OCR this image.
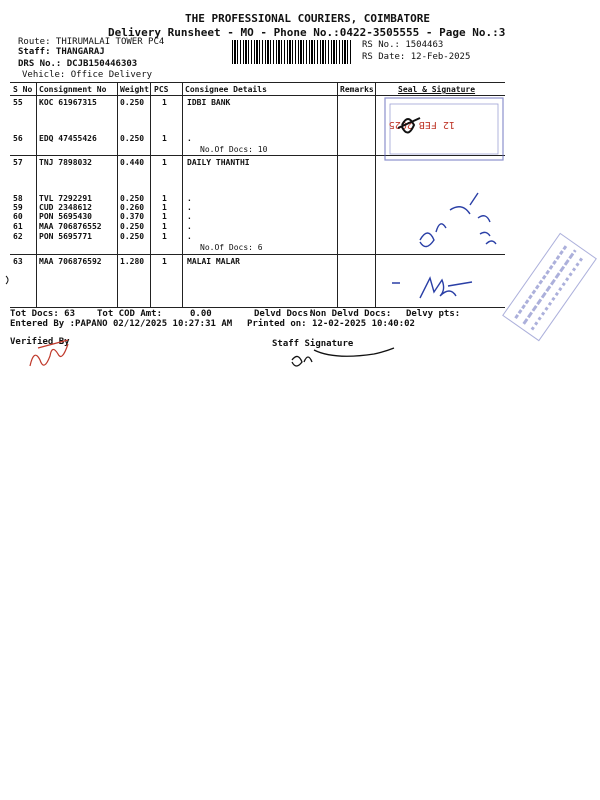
THE PROFESSIONAL COURIERS, COIMBATORE
Delivery Runsheet - MO - Phone No.:0422-3505555 - Page No.:3
Route: THIRUMALAI TOWER PC4
Staff: THANGARAJ
DRS No.: DCJB150446303
Vehicle: Office Delivery
RS No.: 1504463
RS Date: 12-Feb-2025
S No Consignment No Weight PCS Consignee Details	Remarks	Seal & Signature
55 KOC 61967315	0.250 1	IDBI BANK
56 EDQ 47455426	0.250 1	.
No.Of Docs: 10
57 TNJ 7898032	0.440 1	DAILY THANTHI
58 TVL 7292291	0.250 1	.
59 CUD 2348612	0.260 1	.
60 PON 5695430	0.370 1	.
61 MAA 706876552 0.250 1	.
62 PON 5695771	0.250 1	.
No.Of Docs: 6
63 MAA 706876592 1.280 1	MALAI MALAR
Tot Docs: 63 Tot COD Amt:	0.00	Delvd Docs:
Non Delvd Docs: Delvy pts:
Entered By :PAPANO 02/12/2025 10:27:31 AM Printed on: 12-02-2025 10:40:02
Verified By	Staff Signature
12 FEB 2025
